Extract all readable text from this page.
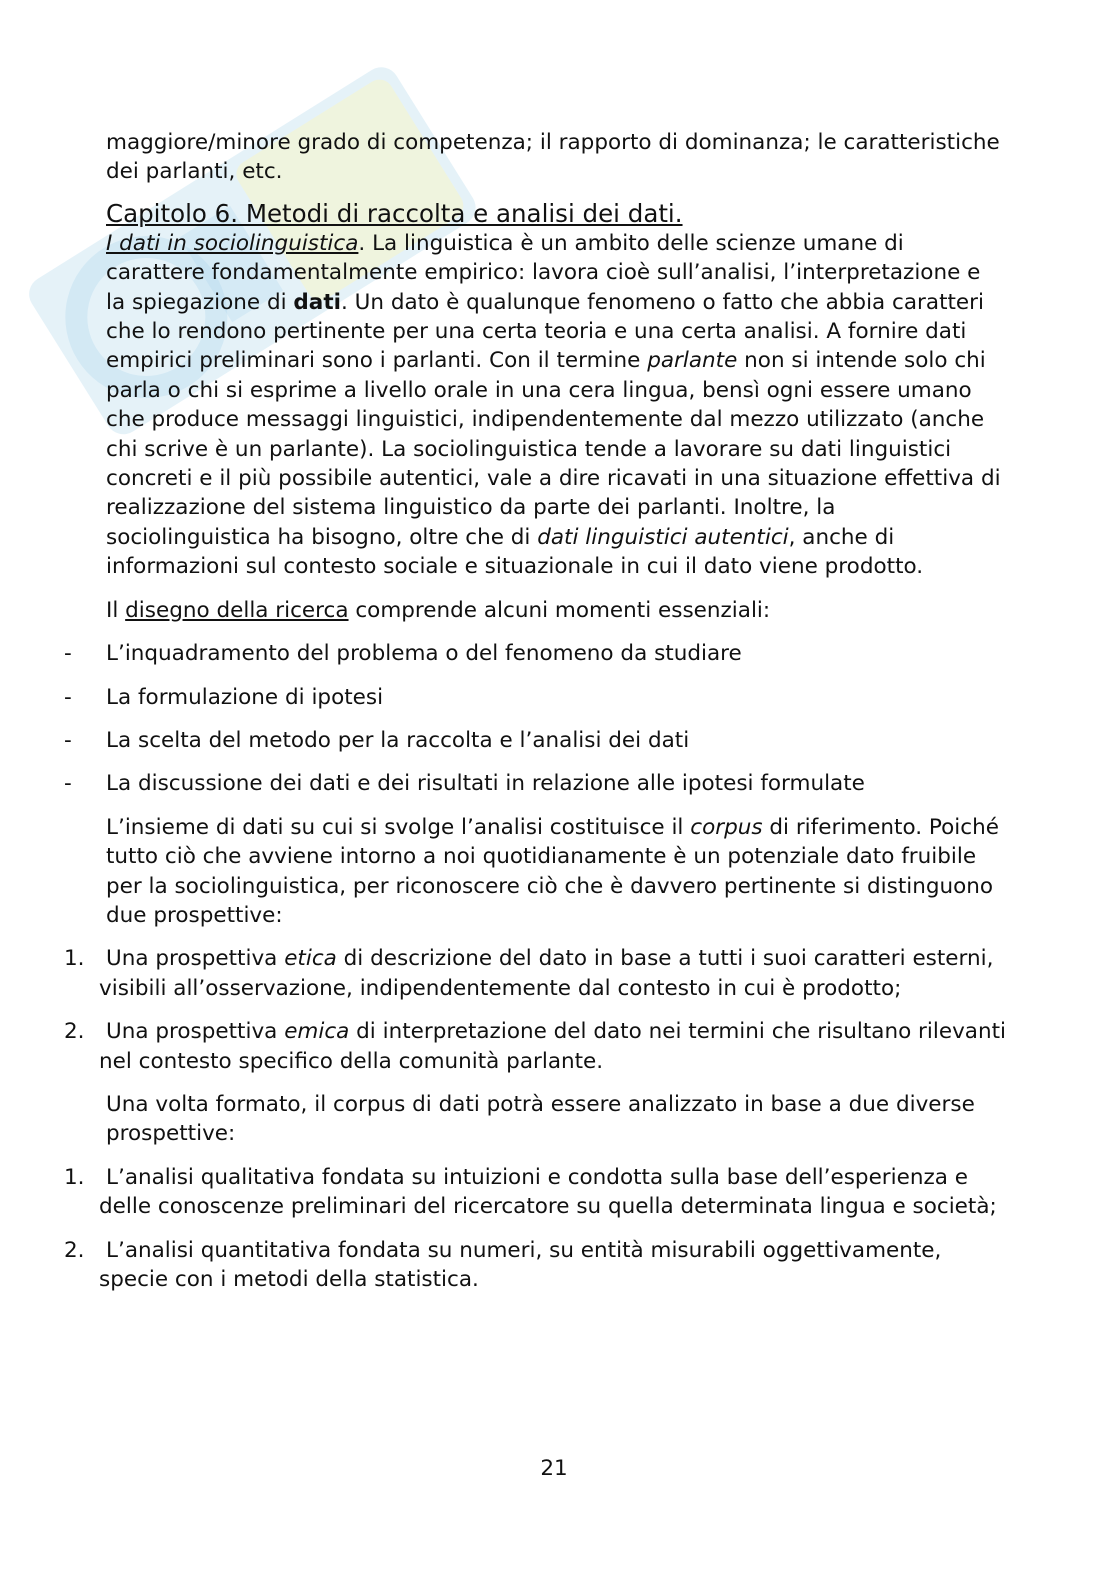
maggiore/minore grado di competenza; il rapporto di dominanza; le caratteristiche dei parlanti, etc.

Capitolo 6. Metodi di raccolta e analisi dei dati.

I dati in sociolinguistica. La linguistica è un ambito delle scienze umane di carattere fondamentalmente empirico: lavora cioè sull’analisi, l’interpretazione e la spiegazione di dati. Un dato è qualunque fenomeno o fatto che abbia caratteri che lo rendono pertinente per una certa teoria e una certa analisi. A fornire dati empirici preliminari sono i parlanti. Con il termine parlante non si intende solo chi parla o chi si esprime a livello orale in una cera lingua, bensì ogni essere umano che produce messaggi linguistici, indipendentemente dal mezzo utilizzato (anche chi scrive è un parlante). La sociolinguistica tende a lavorare su dati linguistici concreti e il più possibile autentici, vale a dire ricavati in una situazione effettiva di realizzazione del sistema linguistico da parte dei parlanti. Inoltre, la sociolinguistica ha bisogno, oltre che di dati linguistici autentici, anche di informazioni sul contesto sociale e situazionale in cui il dato viene prodotto.

Il disegno della ricerca comprende alcuni momenti essenziali:

- L’inquadramento del problema o del fenomeno da studiare
- La formulazione di ipotesi
- La scelta del metodo per la raccolta e l’analisi dei dati
- La discussione dei dati e dei risultati in relazione alle ipotesi formulate

L’insieme di dati su cui si svolge l’analisi costituisce il corpus di riferimento. Poiché tutto ciò che avviene intorno a noi quotidianamente è un potenziale dato fruibile per la sociolinguistica, per riconoscere ciò che è davvero pertinente si distinguono due prospettive:

1. Una prospettiva etica di descrizione del dato in base a tutti i suoi caratteri esterni, visibili all’osservazione, indipendentemente dal contesto in cui è prodotto;
2. Una prospettiva emica di interpretazione del dato nei termini che risultano rilevanti nel contesto specifico della comunità parlante.

Una volta formato, il corpus di dati potrà essere analizzato in base a due diverse prospettive:

1. L’analisi qualitativa fondata su intuizioni e condotta sulla base dell’esperienza e delle conoscenze preliminari del ricercatore su quella determinata lingua e società;
2. L’analisi quantitativa fondata su numeri, su entità misurabili oggettivamente, specie con i metodi della statistica.
21
